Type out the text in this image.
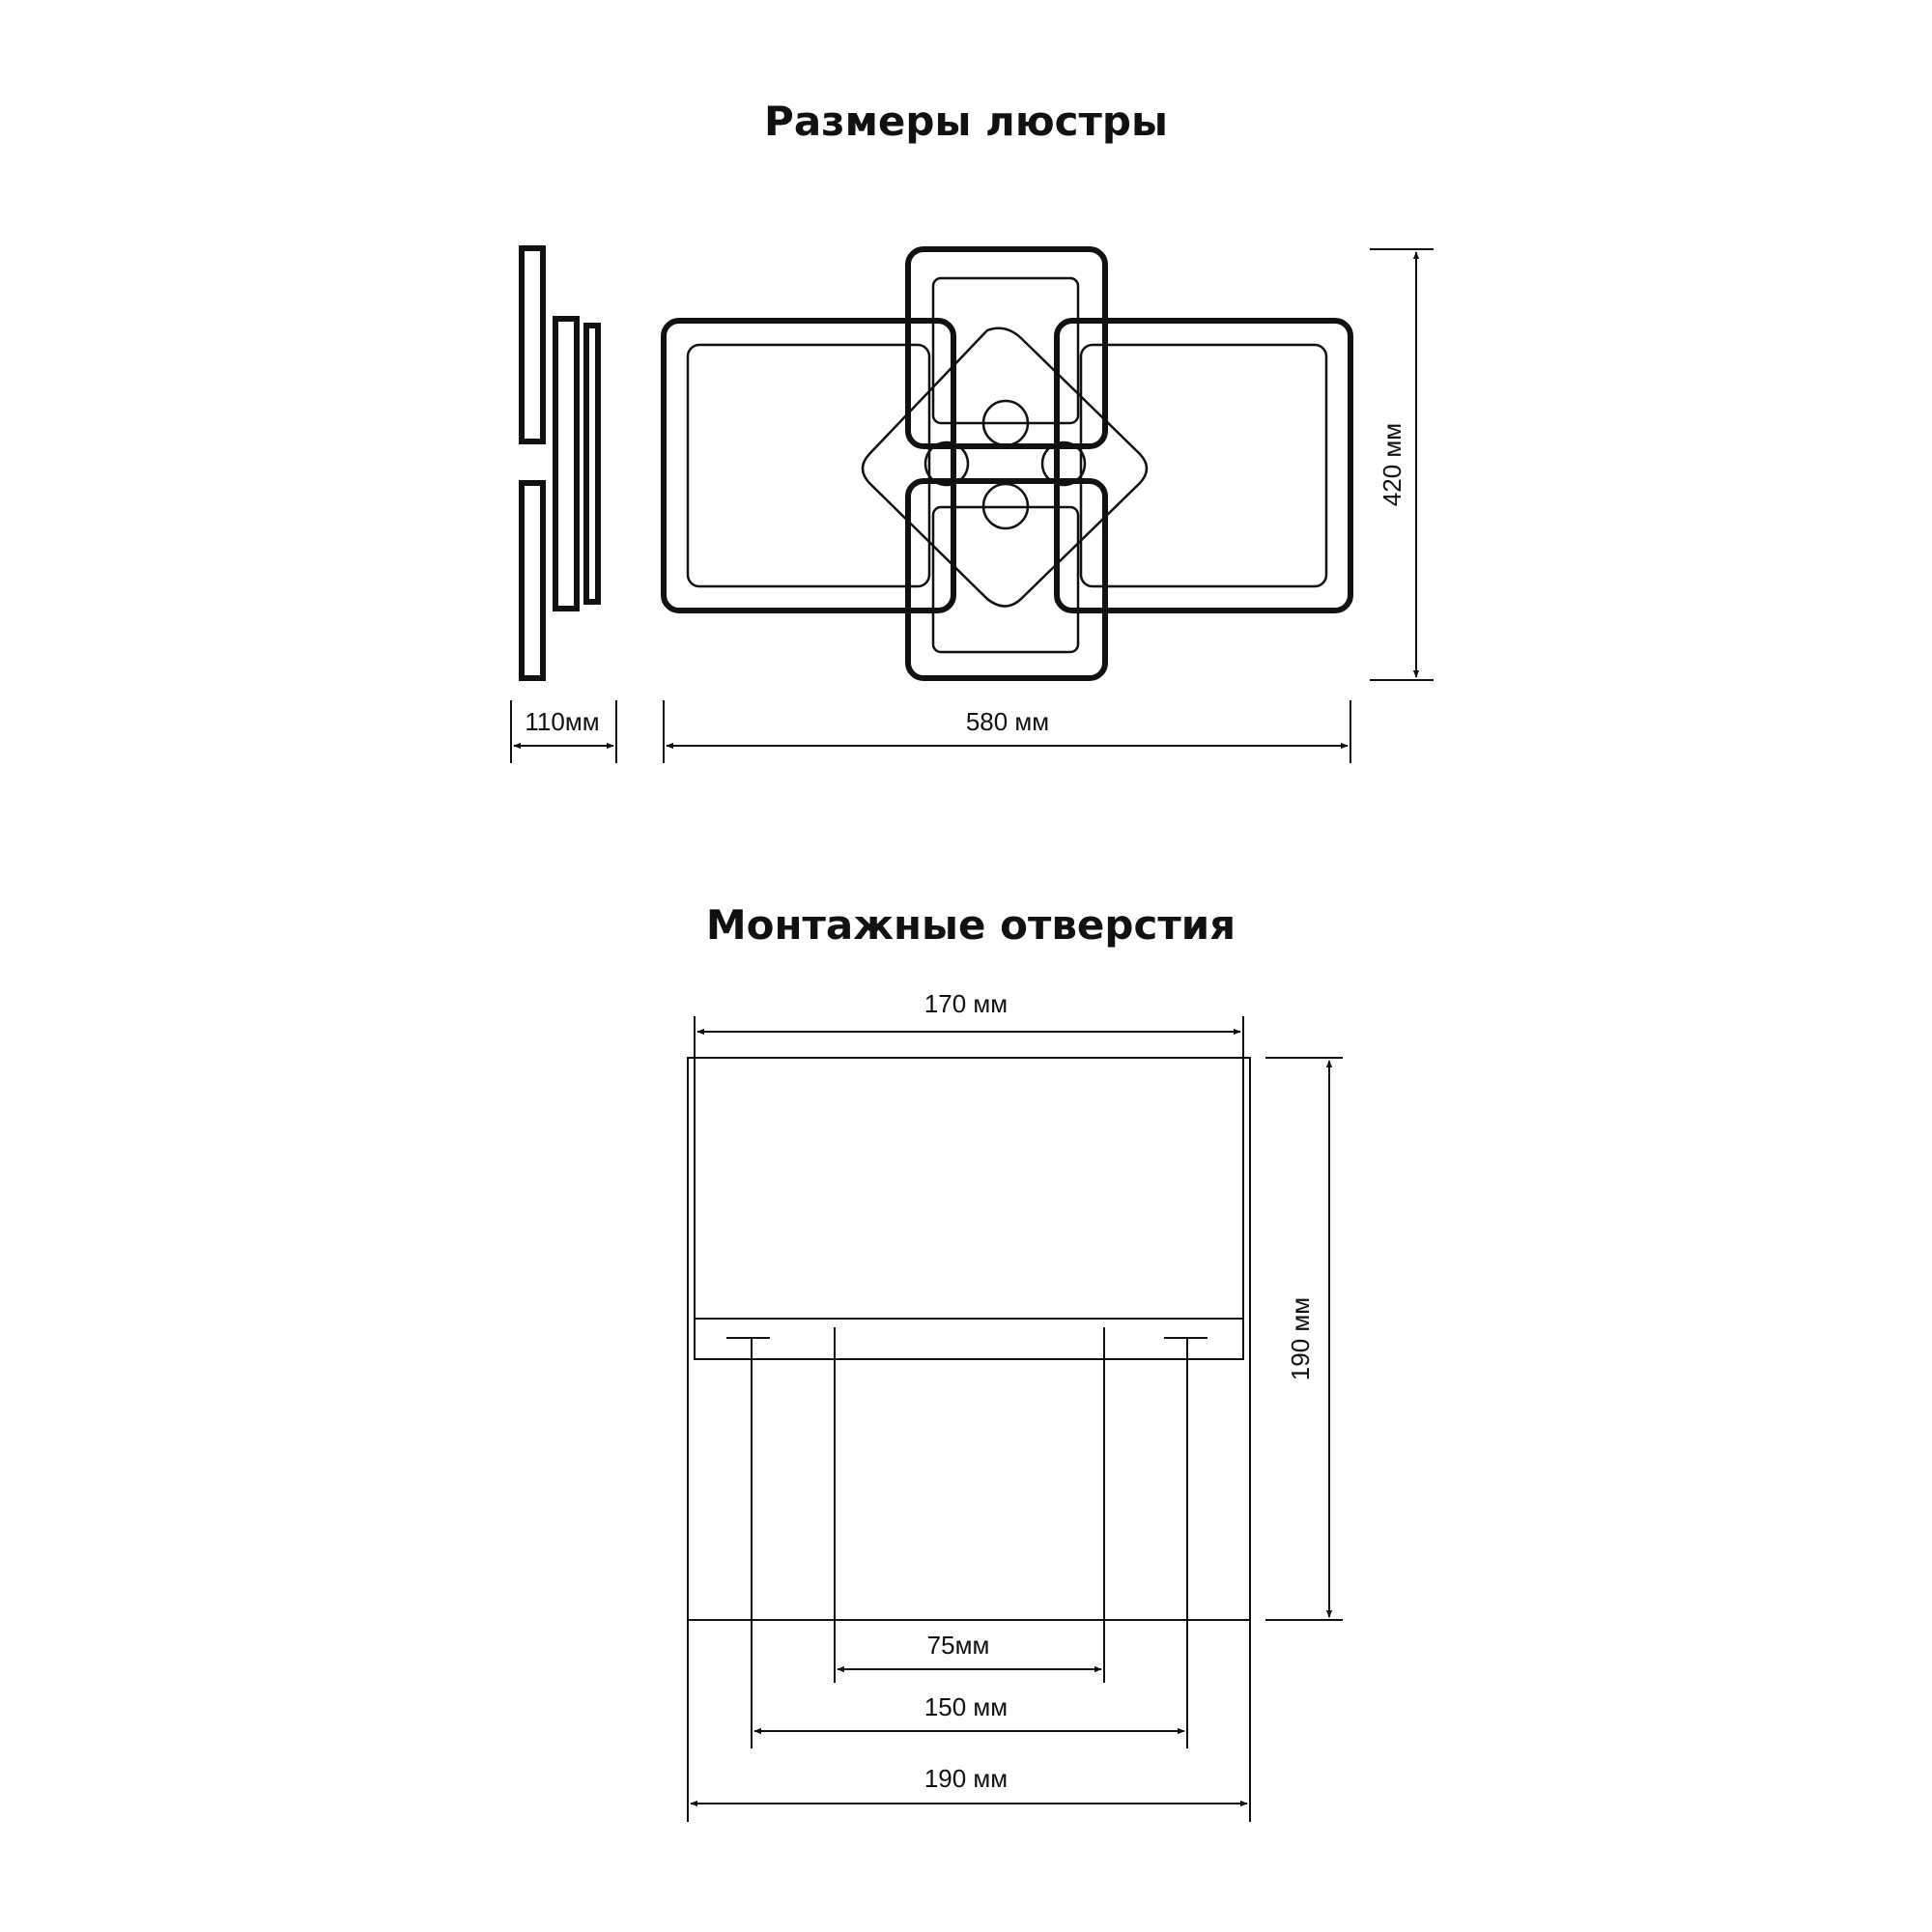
Размеры люстры
110мм	580 мм
420 мм
Монтажные отверстия
170 мм
190 мм
75мм
150 мм
190 мм
